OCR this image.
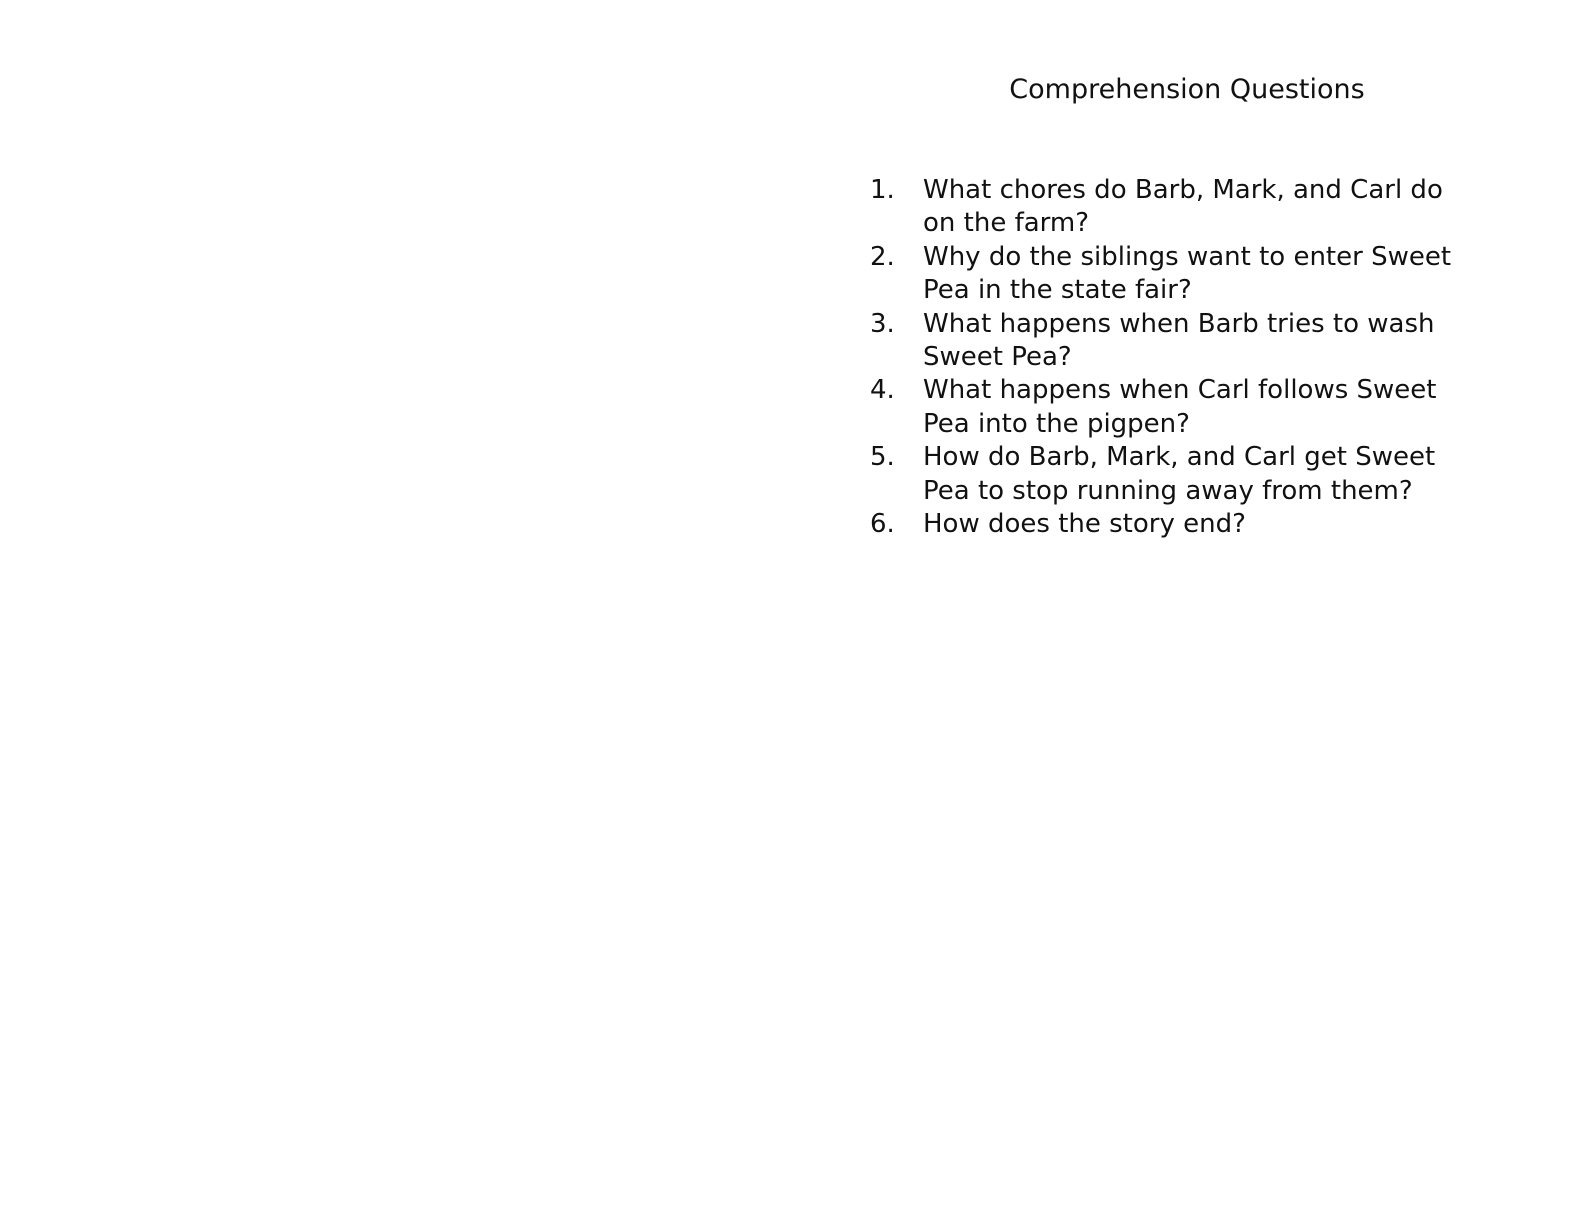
Comprehension Questions
1.	What chores do Barb, Mark, and Carl do on the farm?
2.	Why do the siblings want to enter Sweet Pea in the state fair?
3.	What happens when Barb tries to wash Sweet Pea?
4.	What happens when Carl follows Sweet Pea into the pigpen?
5.	How do Barb, Mark, and Carl get Sweet Pea to stop running away from them?
6.	How does the story end?
